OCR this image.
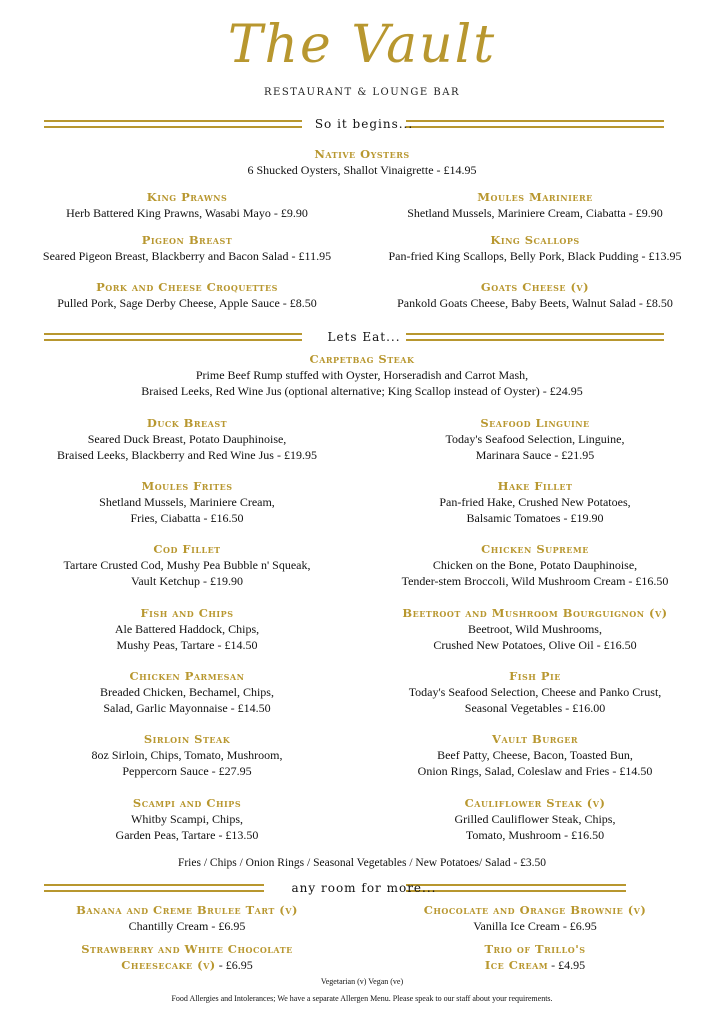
The Vault
RESTAURANT & LOUNGE BAR
So it begins...
Native Oysters
6 Shucked Oysters, Shallot Vinaigrette - £14.95
King Prawns
Herb Battered King Prawns, Wasabi Mayo - £9.90
Moules Mariniere
Shetland Mussels, Mariniere Cream, Ciabatta - £9.90
Pigeon Breast
Seared Pigeon Breast, Blackberry and Bacon Salad - £11.95
King Scallops
Pan-fried King Scallops, Belly Pork, Black Pudding - £13.95
Pork and Cheese Croquettes
Pulled Pork, Sage Derby Cheese, Apple Sauce - £8.50
Goats Cheese (v)
Pankold Goats Cheese, Baby Beets, Walnut Salad - £8.50
Lets Eat...
Carpetbag Steak
Prime Beef Rump stuffed with Oyster, Horseradish and Carrot Mash,
Braised Leeks, Red Wine Jus (optional alternative; King Scallop instead of Oyster) - £24.95
Duck Breast
Seared Duck Breast, Potato Dauphinoise,
Braised Leeks, Blackberry and Red Wine Jus - £19.95
Seafood Linguine
Today's Seafood Selection, Linguine,
Marinara Sauce - £21.95
Moules Frites
Shetland Mussels, Mariniere Cream,
Fries, Ciabatta - £16.50
Hake Fillet
Pan-fried Hake, Crushed New Potatoes,
Balsamic Tomatoes - £19.90
Cod Fillet
Tartare Crusted Cod, Mushy Pea Bubble n' Squeak,
Vault Ketchup - £19.90
Chicken Supreme
Chicken on the Bone, Potato Dauphinoise,
Tender-stem Broccoli, Wild Mushroom Cream - £16.50
Fish and Chips
Ale Battered Haddock, Chips,
Mushy Peas, Tartare - £14.50
Beetroot and Mushroom Bourguignon (v)
Beetroot, Wild Mushrooms,
Crushed New Potatoes, Olive Oil - £16.50
Chicken Parmesan
Breaded Chicken, Bechamel, Chips,
Salad, Garlic Mayonnaise - £14.50
Fish Pie
Today's Seafood Selection, Cheese and Panko Crust,
Seasonal Vegetables - £16.00
Sirloin Steak
8oz Sirloin, Chips, Tomato, Mushroom,
Peppercorn Sauce - £27.95
Vault Burger
Beef Patty, Cheese, Bacon, Toasted Bun,
Onion Rings, Salad, Coleslaw and Fries - £14.50
Scampi and Chips
Whitby Scampi, Chips,
Garden Peas, Tartare - £13.50
Cauliflower Steak (v)
Grilled Cauliflower Steak, Chips,
Tomato, Mushroom - £16.50
Fries / Chips / Onion Rings / Seasonal Vegetables / New Potatoes/ Salad - £3.50
any room for more...
Banana and Creme Brulee Tart (v)
Chantilly Cream - £6.95
Chocolate and Orange Brownie (v)
Vanilla Ice Cream - £6.95
Strawberry and White Chocolate
Cheesecake (v) - £6.95
Trio of Trillo's
Ice Cream - £4.95
Vegetarian (v) Vegan (ve)
Food Allergies and Intolerances; We have a separate Allergen Menu. Please speak to our staff about your requirements.
